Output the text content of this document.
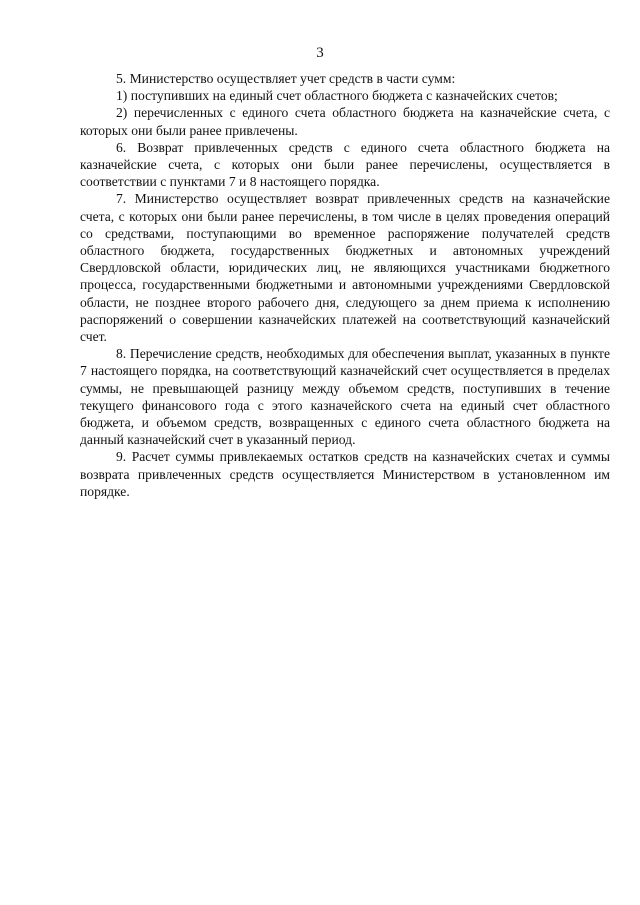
3

5. Министерство осуществляет учет средств в части сумм:

1) поступивших на единый счет областного бюджета с казначейских счетов;

2) перечисленных с единого счета областного бюджета на казначейские счета, с которых они были ранее привлечены.

6. Возврат привлеченных средств с единого счета областного бюджета на казначейские счета, с которых они были ранее перечислены, осуществляется в соответствии с пунктами 7 и 8 настоящего порядка.

7. Министерство осуществляет возврат привлеченных средств на казначейские счета, с которых они были ранее перечислены, в том числе в целях проведения операций со средствами, поступающими во временное распоряжение получателей средств областного бюджета, государственных бюджетных и автономных учреждений Свердловской области, юридических лиц, не являющихся участниками бюджетного процесса, государственными бюджетными и автономными учреждениями Свердловской области, не позднее второго рабочего дня, следующего за днем приема к исполнению распоряжений о совершении казначейских платежей на соответствующий казначейский счет.

8. Перечисление средств, необходимых для обеспечения выплат, указанных в пункте 7 настоящего порядка, на соответствующий казначейский счет осуществляется в пределах суммы, не превышающей разницу между объемом средств, поступивших в течение текущего финансового года с этого казначейского счета на единый счет областного бюджета, и объемом средств, возвращенных с единого счета областного бюджета на данный казначейский счет в указанный период.

9. Расчет суммы привлекаемых остатков средств на казначейских счетах и суммы возврата привлеченных средств осуществляется Министерством в установленном им порядке.
